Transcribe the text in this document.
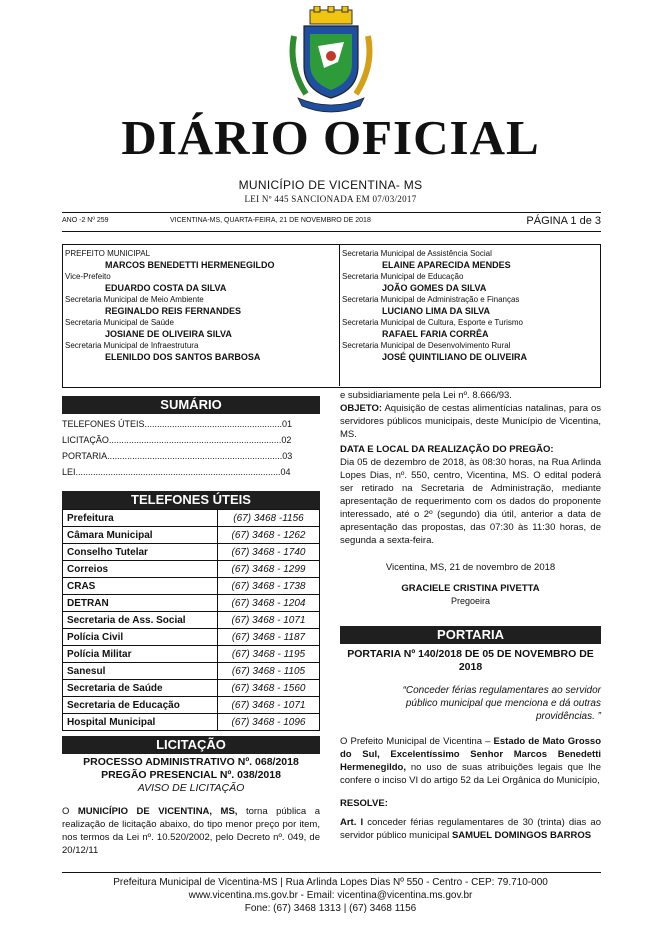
DIÁRIO OFICIAL
MUNICÍPIO DE VICENTINA- MS
LEI Nº 445 SANCIONADA EM 07/03/2017
ANO -2 Nº 259	VICENTINA-MS, QUARTA-FEIRA, 21 DE NOVEMBRO DE 2018	PÁGINA 1 de 3
PREFEITO MUNICIPAL
MARCOS BENEDETTI HERMENEGILDO
Vice-Prefeito
EDUARDO COSTA DA SILVA
Secretaria Municipal de Meio Ambiente
REGINALDO REIS FERNANDES
Secretaria Municipal de Saúde
JOSIANE DE OLIVEIRA SILVA
Secretaria Municipal de Infraestrutura
ELENILDO DOS SANTOS BARBOSA
Secretaria Municipal de Assistência Social
ELAINE APARECIDA MENDES
Secretaria Municipal de Educação
JOÃO GOMES DA SILVA
Secretaria Municipal de Administração e Finanças
LUCIANO LIMA DA SILVA
Secretaria Municipal de Cultura, Esporte e Turismo
RAFAEL FARIA CORRÊA
Secretaria Municipal de Desenvolvimento Rural
JOSÉ QUINTILIANO DE OLIVEIRA
SUMÁRIO
TELEFONES ÚTEIS.......................................................01
LICITAÇÃO.....................................................................02
PORTARIA......................................................................03
LEI..................................................................................04
TELEFONES ÚTEIS
Prefeitura	(67) 3468 -1156
Câmara Municipal	(67) 3468 - 1262
Conselho Tutelar	(67) 3468 - 1740
Correios	(67) 3468 - 1299
CRAS	(67) 3468 - 1738
DETRAN	(67) 3468 - 1204
Secretaria de Ass. Social	(67) 3468 - 1071
Polícia Civil	(67) 3468 - 1187
Polícia Militar	(67) 3468 - 1195
Sanesul	(67) 3468 - 1105
Secretaria de Saúde	(67) 3468 - 1560
Secretaria de Educação	(67) 3468 - 1071
Hospital Municipal	(67) 3468 - 1096
LICITAÇÃO
PROCESSO ADMINISTRATIVO Nº. 068/2018
PREGÃO PRESENCIAL Nº. 038/2018
AVISO DE LICITAÇÃO
O MUNICÍPIO DE VICENTINA, MS, torna pública a realização de licitação abaixo, do tipo menor preço por item, nos termos da Lei nº. 10.520/2002, pelo Decreto nº. 049, de 20/12/11
e subsidiariamente pela Lei nº. 8.666/93.
OBJETO: Aquisição de cestas alimentícias natalinas, para os servidores públicos municipais, deste Município de Vicentina, MS.
DATA E LOCAL DA REALIZAÇÃO DO PREGÃO:
Dia 05 de dezembro de 2018, às 08:30 horas, na Rua Arlinda Lopes Dias, nº. 550, centro, Vicentina, MS. O edital poderá ser retirado na Secretaria de Administração, mediante apresentação de requerimento com os dados do proponente interessado, até o 2º (segundo) dia útil, anterior a data de apresentação das propostas, das 07:30 às 11:30 horas, de segunda a sexta-feira.
Vicentina, MS, 21 de novembro de 2018
GRACIELE CRISTINA PIVETTA
Pregoeira
PORTARIA
PORTARIA Nº 140/2018 DE 05 DE NOVEMBRO DE 2018
“Conceder férias regulamentares ao servidor público municipal que menciona e dá outras providências. ”
O Prefeito Municipal de Vicentina – Estado de Mato Grosso do Sul, Excelentíssimo Senhor Marcos Benedetti Hermenegildo, no uso de suas atribuições legais que lhe confere o inciso VI do artigo 52 da Lei Orgânica do Município,
RESOLVE:
Art. I conceder férias regulamentares de 30 (trinta) dias ao servidor público municipal SAMUEL DOMINGOS BARROS
Prefeitura Municipal de Vicentina-MS | Rua Arlinda Lopes Dias Nº 550 - Centro - CEP: 79.710-000
www.vicentina.ms.gov.br - Email: vicentina@vicentina.ms.gov.br
Fone: (67) 3468 1313 | (67) 3468 1156
